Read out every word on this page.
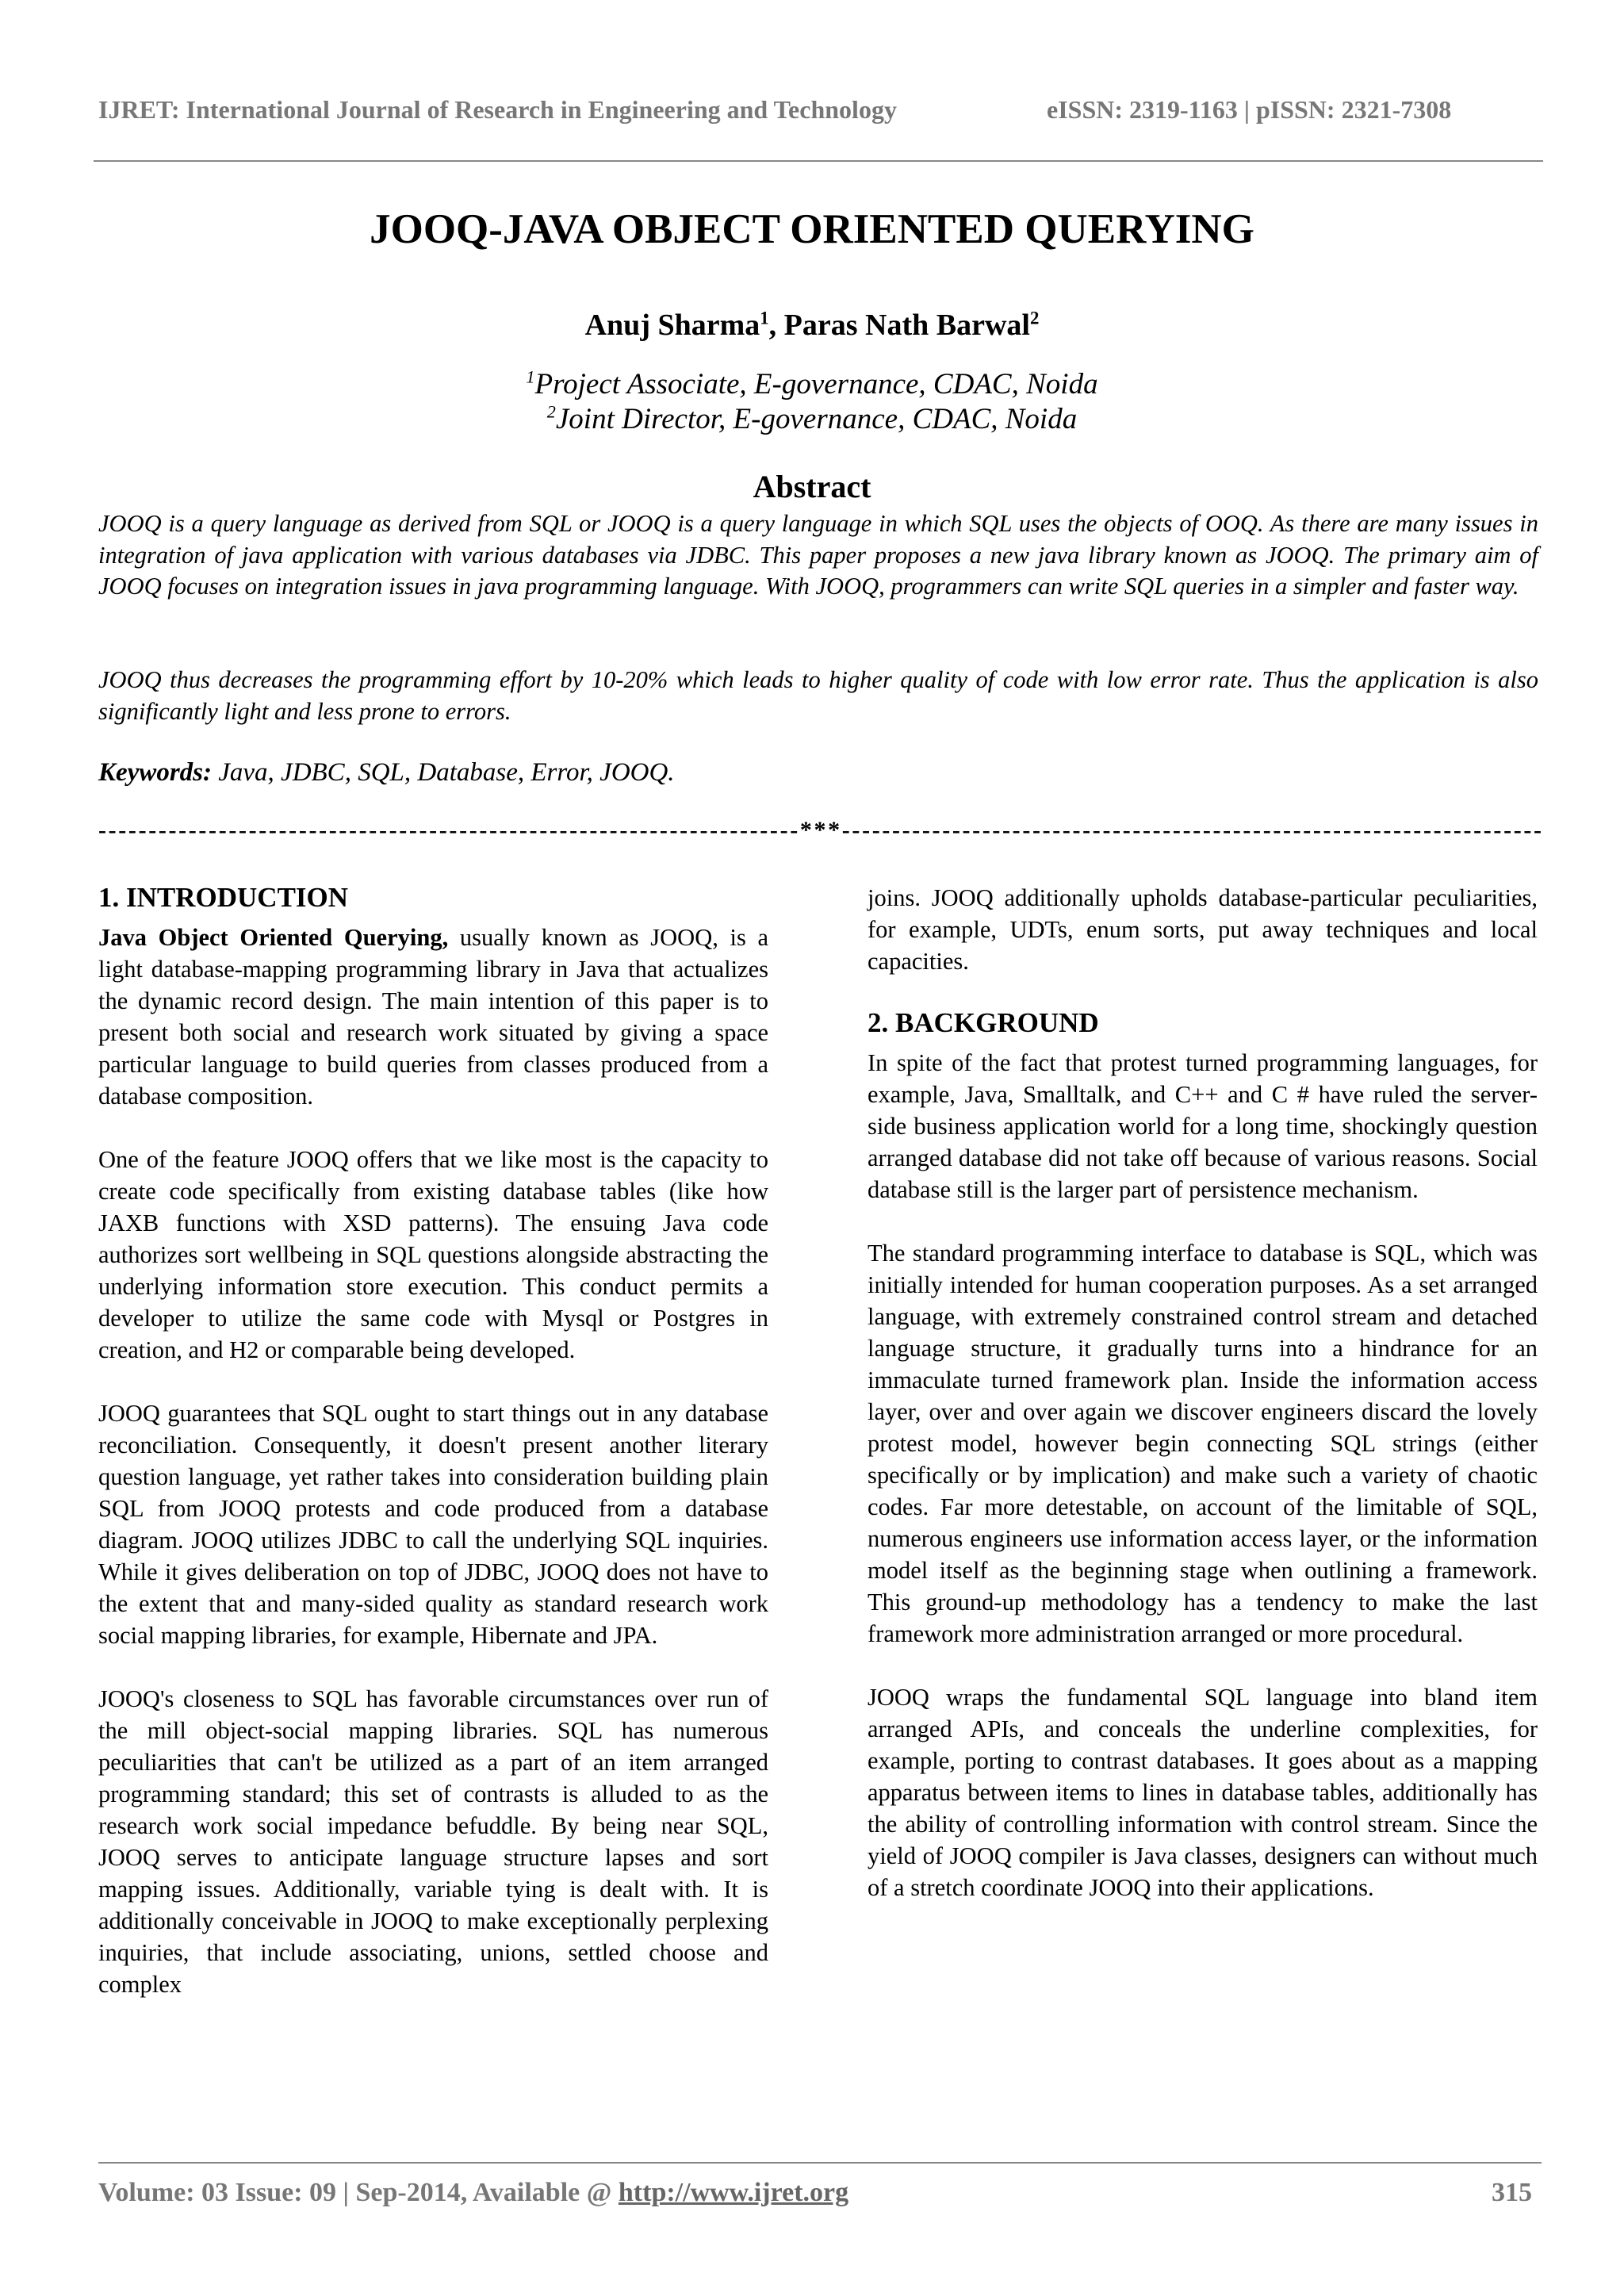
IJRET: International Journal of Research in Engineering and Technology	eISSN: 2319-1163 | pISSN: 2321-7308
JOOQ-JAVA OBJECT ORIENTED QUERYING
Anuj Sharma$^1$, Paras Nath Barwal$^2$
$^1$Project Associate, E-governance, CDAC, Noida
$^2$Joint Director, E-governance, CDAC, Noida
Abstract

JOOQ is a query language as derived from SQL or JOOQ is a query language in which SQL uses the objects of OOQ. As there are many issues in integration of java application with various databases via JDBC. This paper proposes a new java library known as JOOQ. The primary aim of JOOQ focuses on integration issues in java programming language. With JOOQ, programmers can write SQL queries in a simpler and faster way.

JOOQ thus decreases the programming effort by 10-20% which leads to higher quality of code with low error rate. Thus the application is also significantly light and less prone to errors.

Keywords: Java, JDBC, SQL, Database, Error, JOOQ.
----------------------------------------------------------------------***----------------------------------------------------------------------
1. INTRODUCTION

Java Object Oriented Querying, usually known as JOOQ, is a light database-mapping programming library in Java that actualizes the dynamic record design. The main intention of this paper is to present both social and research work situated by giving a space particular language to build queries from classes produced from a database composition.

One of the feature JOOQ offers that we like most is the capacity to create code specifically from existing database tables (like how JAXB functions with XSD patterns). The ensuing Java code authorizes sort wellbeing in SQL questions alongside abstracting the underlying information store execution. This conduct permits a developer to utilize the same code with Mysql or Postgres in creation, and H2 or comparable being developed.

JOOQ guarantees that SQL ought to start things out in any database reconciliation. Consequently, it doesn't present another literary question language, yet rather takes into consideration building plain SQL from JOOQ protests and code produced from a database diagram. JOOQ utilizes JDBC to call the underlying SQL inquiries. While it gives deliberation on top of JDBC, JOOQ does not have to the extent that and many-sided quality as standard research work social mapping libraries, for example, Hibernate and JPA.

JOOQ's closeness to SQL has favorable circumstances over run of the mill object-social mapping libraries. SQL has numerous peculiarities that can't be utilized as a part of an item arranged programming standard; this set of contrasts is alluded to as the research work social impedance befuddle. By being near SQL, JOOQ serves to anticipate language structure lapses and sort mapping issues. Additionally, variable tying is dealt with. It is additionally conceivable in JOOQ to make exceptionally perplexing inquiries, that include associating, unions, settled choose and complex

joins. JOOQ additionally upholds database-particular peculiarities, for example, UDTs, enum sorts, put away techniques and local capacities.

2. BACKGROUND

In spite of the fact that protest turned programming languages, for example, Java, Smalltalk, and C++ and C # have ruled the server-side business application world for a long time, shockingly question arranged database did not take off because of various reasons. Social database still is the larger part of persistence mechanism.

The standard programming interface to database is SQL, which was initially intended for human cooperation purposes. As a set arranged language, with extremely constrained control stream and detached language structure, it gradually turns into a hindrance for an immaculate turned framework plan. Inside the information access layer, over and over again we discover engineers discard the lovely protest model, however begin connecting SQL strings (either specifically or by implication) and make such a variety of chaotic codes. Far more detestable, on account of the limitable of SQL, numerous engineers use information access layer, or the information model itself as the beginning stage when outlining a framework. This ground-up methodology has a tendency to make the last framework more administration arranged or more procedural.

JOOQ wraps the fundamental SQL language into bland item arranged APIs, and conceals the underline complexities, for example, porting to contrast databases. It goes about as a mapping apparatus between items to lines in database tables, additionally has the ability of controlling information with control stream. Since the yield of JOOQ compiler is Java classes, designers can without much of a stretch coordinate JOOQ into their applications.

Volume: 03 Issue: 09 | Sep-2014, Available @ http://www.ijret.org	315
